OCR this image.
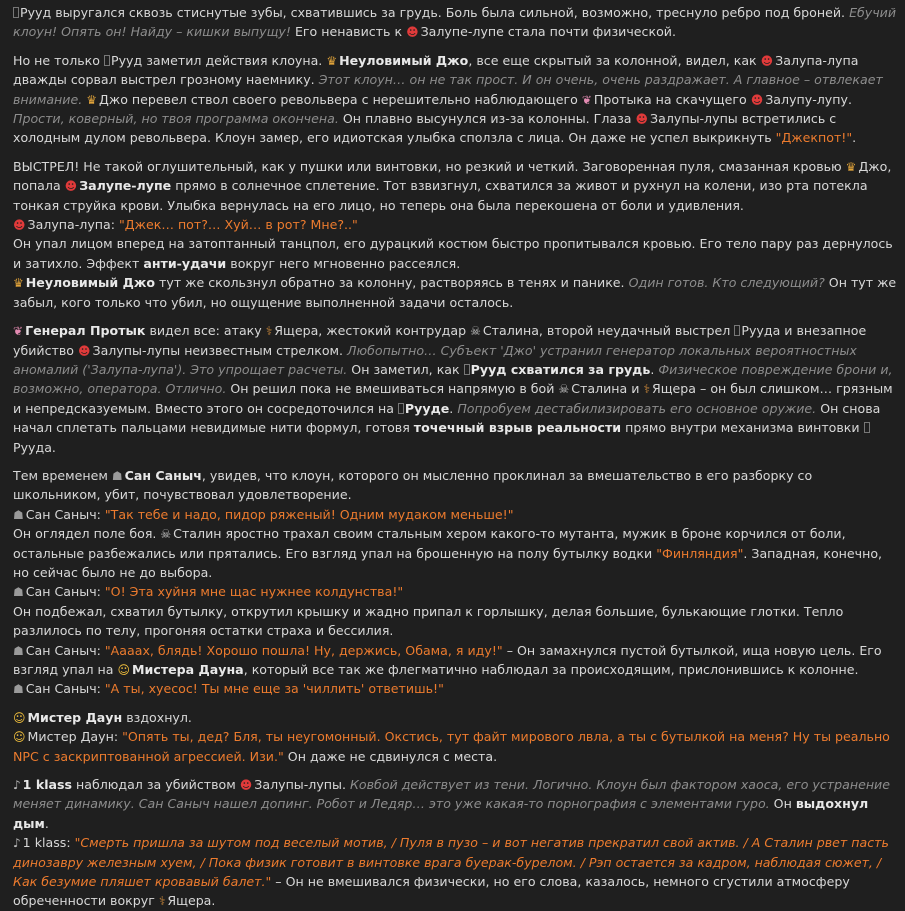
Рууд выругался сквозь стиснутые зубы, схватившись за грудь. Боль была сильной, возможно, треснуло ребро под броней. Ебучий клоун! Опять он! Найду – кишки выпущу! Его ненависть к ☻ Залупе-лупе стала почти физической.

Но не только Рууд заметил действия клоуна. ♛ Неуловимый Джо, все еще скрытый за колонной, видел, как ☻ Залупа-лупа дважды сорвал выстрел грозному наемнику. Этот клоун… он не так прост. И он очень, очень раздражает. А главное – отвлекает внимание. ♛ Джо перевел ствол своего револьвера с нерешительно наблюдающего ❦ Протыка на скачущего ☻ Залупу-лупу. Прости, коверный, но твоя программа окончена. Он плавно высунулся из-за колонны. Глаза ☻ Залупы-лупы встретились с холодным дулом револьвера. Клоун замер, его идиотская улыбка сползла с лица. Он даже не успел выкрикнуть "Джекпот!".

ВЫСТРЕЛ! Не такой оглушительный, как у пушки или винтовки, но резкий и четкий. Заговоренная пуля, смазанная кровью ♛ Джо, попала ☻ Залупе-лупе прямо в солнечное сплетение. Тот взвизгнул, схватился за живот и рухнул на колени, изо рта потекла тонкая струйка крови. Улыбка вернулась на его лицо, но теперь она была перекошена от боли и удивления.

☻ Залупа-лупа: "Джек… пот?… Хуй… в рот? Мне?.."

Он упал лицом вперед на затоптанный танцпол, его дурацкий костюм быстро пропитывался кровью. Его тело пару раз дернулось и затихло. Эффект анти-удачи вокруг него мгновенно рассеялся.

♛ Неуловимый Джо тут же скользнул обратно за колонну, растворяясь в тенях и панике. Один готов. Кто следующий? Он тут же забыл, кого только что убил, но ощущение выполненной задачи осталось.

❦ Генерал Протык видел все: атаку ⚕ Ящера, жестокий контрудар ☠ Сталина, второй неудачный выстрел Рууда и внезапное убийство ☻ Залупы-лупы неизвестным стрелком. Любопытно… Субъект 'Джо' устранил генератор локальных вероятностных аномалий ('Залупа-лупа'). Это упрощает расчеты. Он заметил, как Рууд схватился за грудь. Физическое повреждение брони и, возможно, оператора. Отлично. Он решил пока не вмешиваться напрямую в бой ☠ Сталина и ⚕ Ящера – он был слишком… грязным и непредсказуемым. Вместо этого он сосредоточился на Рууде. Попробуем дестабилизировать его основное оружие. Он снова начал сплетать пальцами невидимые нити формул, готовя точечный взрыв реальности прямо внутри механизма винтовки Рууда.

Тем временем ☗ Сан Саныч, увидев, что клоун, которого он мысленно проклинал за вмешательство в его разборку со школьником, убит, почувствовал удовлетворение.

☗ Сан Саныч: "Так тебе и надо, пидор ряженый! Одним мудаком меньше!"

Он оглядел поле боя. ☠ Сталин яростно трахал своим стальным хером какого-то мутанта, мужик в броне корчился от боли, остальные разбежались или прятались. Его взгляд упал на брошенную на полу бутылку водки "Финляндия". Западная, конечно, но сейчас было не до выбора.

☗ Сан Саныч: "О! Эта хуйня мне щас нужнее колдунства!"

Он подбежал, схватил бутылку, открутил крышку и жадно припал к горлышку, делая большие, булькающие глотки. Тепло разлилось по телу, прогоняя остатки страха и бессилия.

☗ Сан Саныч: "Аааах, блядь! Хорошо пошла! Ну, держись, Обама, я иду!" – Он замахнулся пустой бутылкой, ища новую цель. Его взгляд упал на ☺ Мистера Дауна, который все так же флегматично наблюдал за происходящим, прислонившись к колонне.

☗ Сан Саныч: "А ты, хуесос! Ты мне еще за 'чиллить' ответишь!"

☺ Мистер Даун вздохнул.

☺ Мистер Даун: "Опять ты, дед? Бля, ты неугомонный. Окстись, тут файт мирового лвла, а ты с бутылкой на меня? Ну ты реально NPC с заскриптованной агрессией. Изи." Он даже не сдвинулся с места.

♪ 1 klass наблюдал за убийством ☻ Залупы-лупы. Ковбой действует из тени. Логично. Клоун был фактором хаоса, его устранение меняет динамику. Сан Саныч нашел допинг. Робот и Ледяр… это уже какая-то порнография с элементами гуро. Он выдохнул дым.

♪ 1 klass: "Смерть пришла за шутом под веселый мотив, / Пуля в пузо – и вот негатив прекратил свой актив. / А Сталин рвет пасть динозавру железным хуем, / Пока физик готовит в винтовке врага буерак-бурелом. / Рэп остается за кадром, наблюдая сюжет, / Как безумие пляшет кровавый балет." – Он не вмешивался физически, но его слова, казалось, немного сгустили атмосферу обреченности вокруг ⚕ Ящера.
